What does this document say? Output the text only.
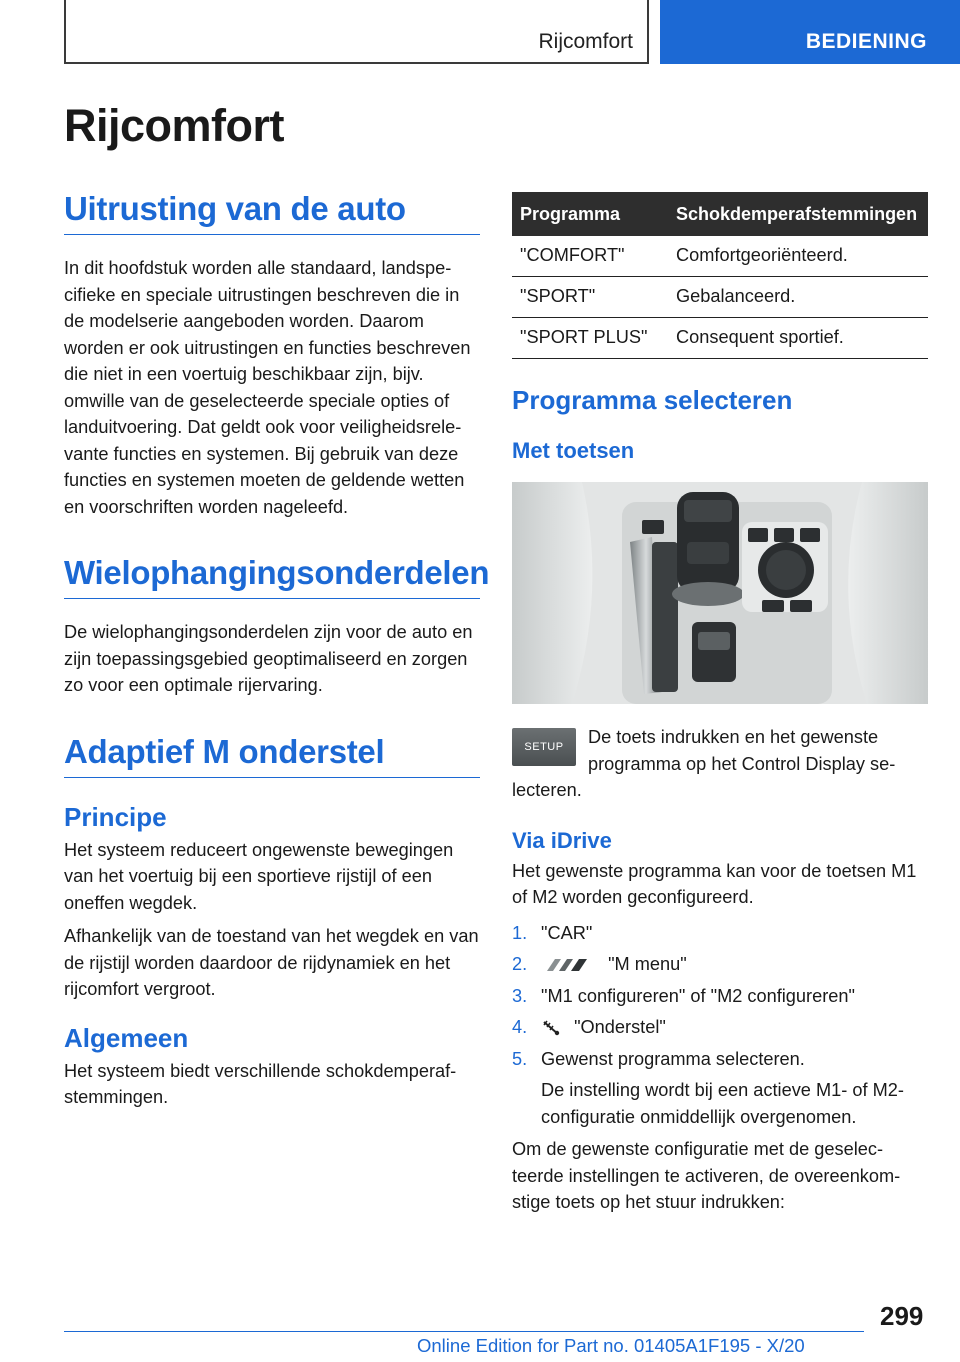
Rijcomfort	BEDIENING
Rijcomfort
Uitrusting van de auto

In dit hoofdstuk worden alle standaard, landspecifieke en speciale uitrustingen beschreven die in de modelserie aangeboden worden. Daarom worden er ook uitrustingen en functies beschreven die niet in een voertuig beschikbaar zijn, bijv. omwille van de geselecteerde speciale opties of landuitvoering. Dat geldt ook voor veiligheidsrelevante functies en systemen. Bij gebruik van deze functies en systemen moeten de geldende wetten en voorschriften worden nageleefd.

Wielophangingsonderdelen

De wielophangingsonderdelen zijn voor de auto en zijn toepassingsgebied geoptimaliseerd en zorgen zo voor een optimale rijervaring.

Adaptief M onderstel
Principe

Het systeem reduceert ongewenste bewegingen van het voertuig bij een sportieve rijstijl of een oneffen wegdek.

Afhankelijk van de toestand van het wegdek en van de rijstijl worden daardoor de rijdynamiek en het rijcomfort vergroot.

Algemeen

Het systeem biedt verschillende schokdemperafstemmingen.

Programma	Schokdemperafstemmingen
"COMFORT"	Comfortgeoriënteerd.
"SPORT"	Gebalanceerd.
"SPORT PLUS"	Consequent sportief.
Programma selecteren
Met toetsen
SETUP	De toets indrukken en het gewenste programma op het Control Display selecteren.

Via iDrive

Het gewenste programma kan voor de toetsen M1 of M2 worden geconfigureerd.

1. "CAR"
2.	"M menu"
3. "M1 configureren" of "M2 configureren"
4.	"Onderstel"
5. Gewenst programma selecteren.

De instelling wordt bij een actieve M1- of M2-configuratie onmiddellijk overgenomen.

Om de gewenste configuratie met de geselecteerde instellingen te activeren, de overeenkomstige toets op het stuur indrukken:

299
Online Edition for Part no. 01405A1F195 - X/20
